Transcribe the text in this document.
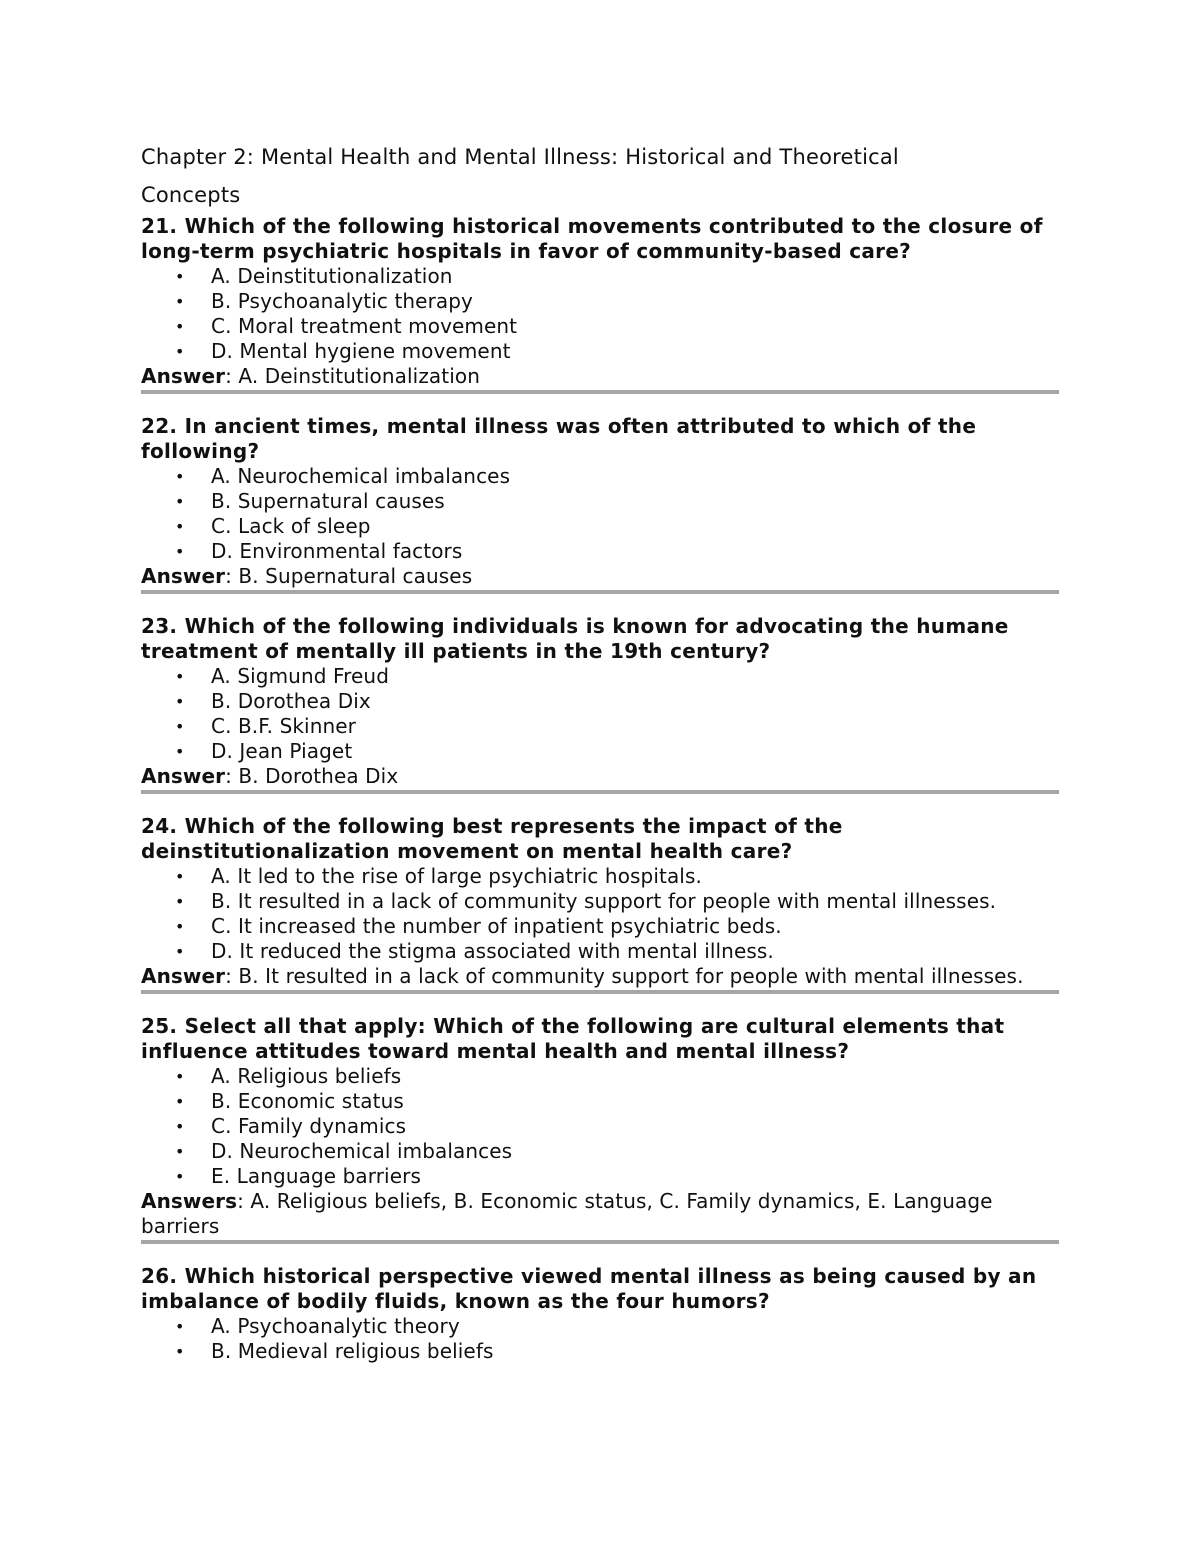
Chapter 2: Mental Health and Mental Illness: Historical and Theoretical

Concepts

21. Which of the following historical movements contributed to the closure of long-term psychiatric hospitals in favor of community-based care?

• A. Deinstitutionalization
• B. Psychoanalytic therapy
• C. Moral treatment movement
• D. Mental hygiene movement

Answer: A. Deinstitutionalization

22. In ancient times, mental illness was often attributed to which of the following?

• A. Neurochemical imbalances
• B. Supernatural causes
• C. Lack of sleep
• D. Environmental factors

Answer: B. Supernatural causes

23. Which of the following individuals is known for advocating the humane treatment of mentally ill patients in the 19th century?

• A. Sigmund Freud
• B. Dorothea Dix
• C. B.F. Skinner
• D. Jean Piaget

Answer: B. Dorothea Dix

24. Which of the following best represents the impact of the deinstitutionalization movement on mental health care?

• A. It led to the rise of large psychiatric hospitals.
• B. It resulted in a lack of community support for people with mental illnesses.
• C. It increased the number of inpatient psychiatric beds.
• D. It reduced the stigma associated with mental illness.

Answer: B. It resulted in a lack of community support for people with mental illnesses.

25. Select all that apply: Which of the following are cultural elements that influence attitudes toward mental health and mental illness?

• A. Religious beliefs
• B. Economic status
• C. Family dynamics
• D. Neurochemical imbalances
• E. Language barriers

Answers: A. Religious beliefs, B. Economic status, C. Family dynamics, E. Language barriers

26. Which historical perspective viewed mental illness as being caused by an imbalance of bodily fluids, known as the four humors?

• A. Psychoanalytic theory
• B. Medieval religious beliefs
